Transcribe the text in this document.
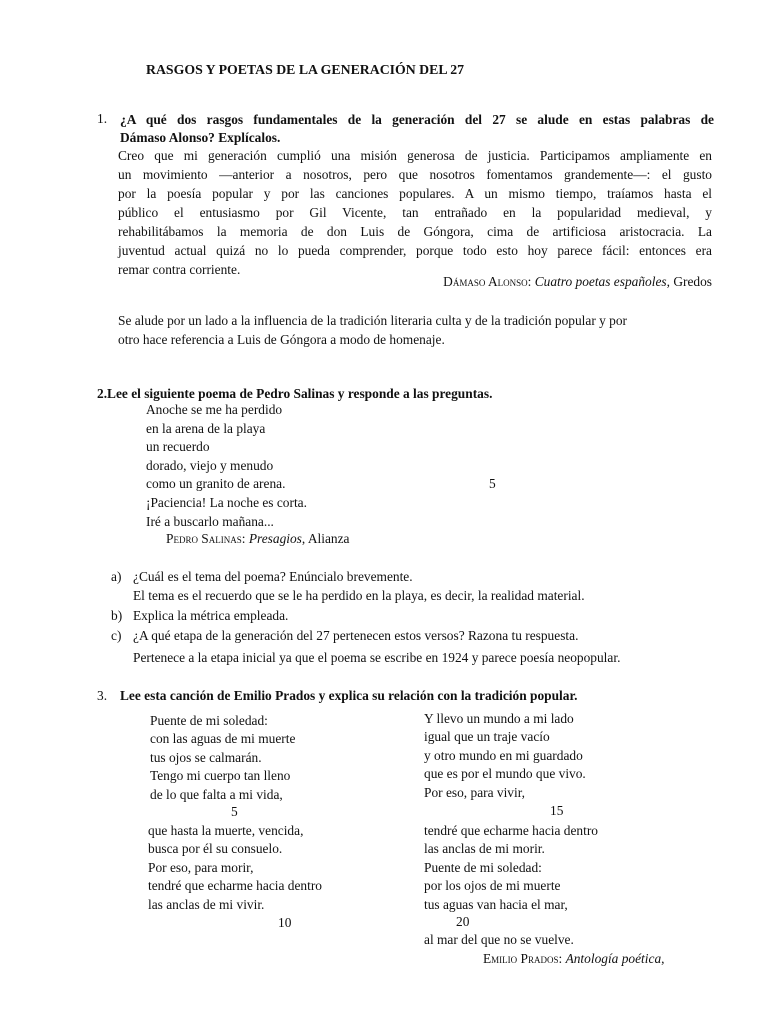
RASGOS Y POETAS DE LA GENERACIÓN DEL 27
1. ¿A qué dos rasgos fundamentales de la generación del 27 se alude en estas palabras de
Dámaso Alonso? Explícalos.
Creo que mi generación cumplió una misión generosa de justicia. Participamos ampliamente en
un movimiento —anterior a nosotros, pero que nosotros fomentamos grandemente—: el gusto
por la poesía popular y por las canciones populares. A un mismo tiempo, traíamos hasta el
público el entusiasmo por Gil Vicente, tan entrañado en la popularidad medieval, y
rehabilitábamos la memoria de don Luis de Góngora, cima de artificiosa aristocracia. La
juventud actual quizá no lo pueda comprender, porque todo esto hoy parece fácil: entonces era
remar contra corriente.
Dámaso Alonso: Cuatro poetas españoles, Gredos
Se alude por un lado a la influencia de la tradición literaria culta y de la tradición popular y por
otro hace referencia a Luis de Góngora a modo de homenaje.
2.Lee el siguiente poema de Pedro Salinas y responde a las preguntas.
Anoche se me ha perdido
en la arena de la playa
un recuerdo
dorado, viejo y menudo
como un granito de arena.
¡Paciencia! La noche es corta.
Iré a buscarlo mañana...
5
Pedro Salinas: Presagios, Alianza
a) ¿Cuál es el tema del poema? Enúncialo brevemente.
El tema es el recuerdo que se le ha perdido en la playa, es decir, la realidad material.
b) Explica la métrica empleada.
c) ¿A qué etapa de la generación del 27 pertenecen estos versos? Razona tu respuesta.
Pertenece a la etapa inicial ya que el poema se escribe en 1924 y parece poesía neopopular.
3. Lee esta canción de Emilio Prados y explica su relación con la tradición popular.
Puente de mi soledad:
con las aguas de mi muerte
tus ojos se calmarán.
Tengo mi cuerpo tan lleno
de lo que falta a mi vida,
5
que hasta la muerte, vencida,
busca por él su consuelo.
Por eso, para morir,
tendré que echarme hacia dentro
las anclas de mi vivir.
10
Y llevo un mundo a mi lado
igual que un traje vacío
y otro mundo en mi guardado
que es por el mundo que vivo.
Por eso, para vivir,
15
tendré que echarme hacia dentro
las anclas de mi morir.
Puente de mi soledad:
por los ojos de mi muerte
tus aguas van hacia el mar,
20
al mar del que no se vuelve.
Emilio Prados: Antología poética,
